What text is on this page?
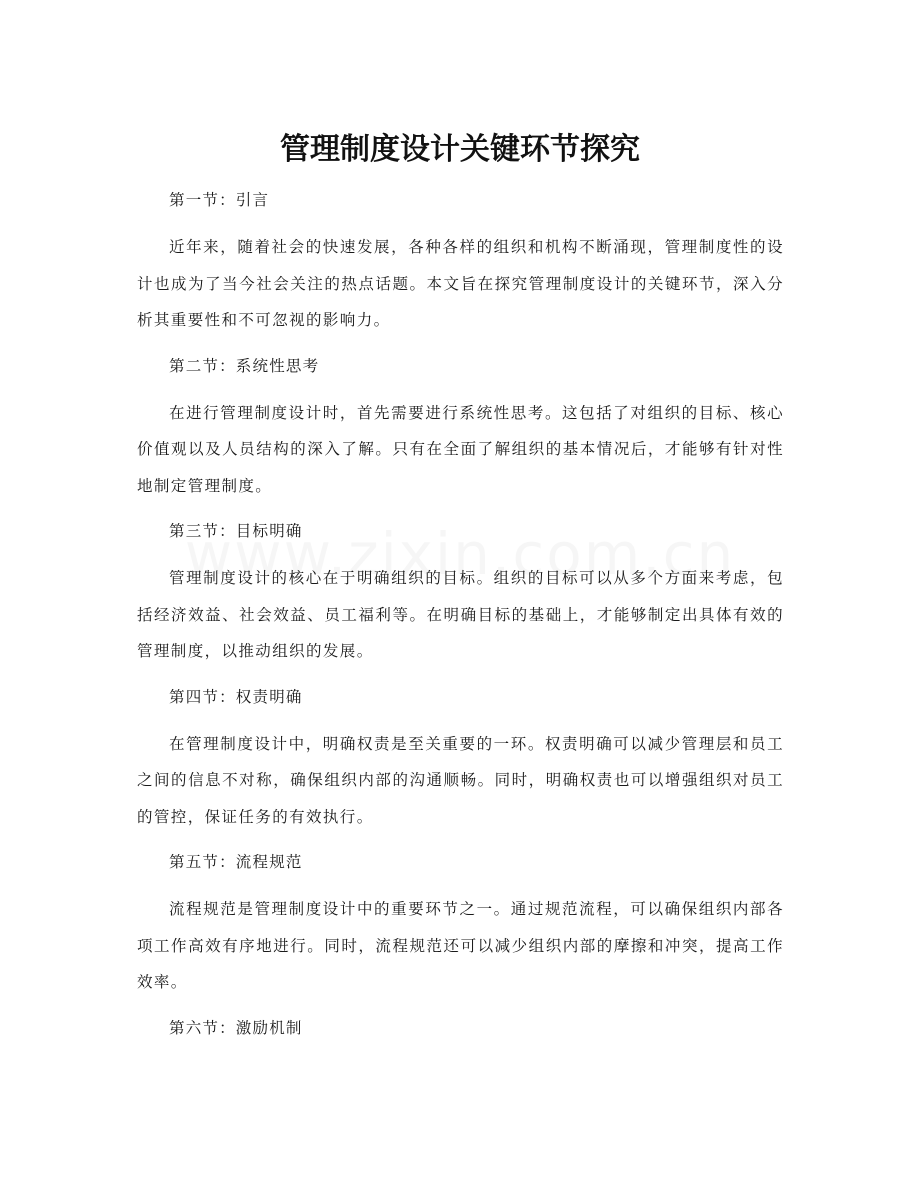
管理制度设计关键环节探究

第一节：引言

近年来，随着社会的快速发展，各种各样的组织和机构不断涌现，管理制度性的设计也成为了当今社会关注的热点话题。本文旨在探究管理制度设计的关键环节，深入分析其重要性和不可忽视的影响力。

第二节：系统性思考

在进行管理制度设计时，首先需要进行系统性思考。这包括了对组织的目标、核心价值观以及人员结构的深入了解。只有在全面了解组织的基本情况后，才能够有针对性地制定管理制度。

第三节：目标明确

管理制度设计的核心在于明确组织的目标。组织的目标可以从多个方面来考虑，包括经济效益、社会效益、员工福利等。在明确目标的基础上，才能够制定出具体有效的管理制度，以推动组织的发展。

第四节：权责明确

在管理制度设计中，明确权责是至关重要的一环。权责明确可以减少管理层和员工之间的信息不对称，确保组织内部的沟通顺畅。同时，明确权责也可以增强组织对员工的管控，保证任务的有效执行。

第五节：流程规范

流程规范是管理制度设计中的重要环节之一。通过规范流程，可以确保组织内部各项工作高效有序地进行。同时，流程规范还可以减少组织内部的摩擦和冲突，提高工作效率。

第六节：激励机制
